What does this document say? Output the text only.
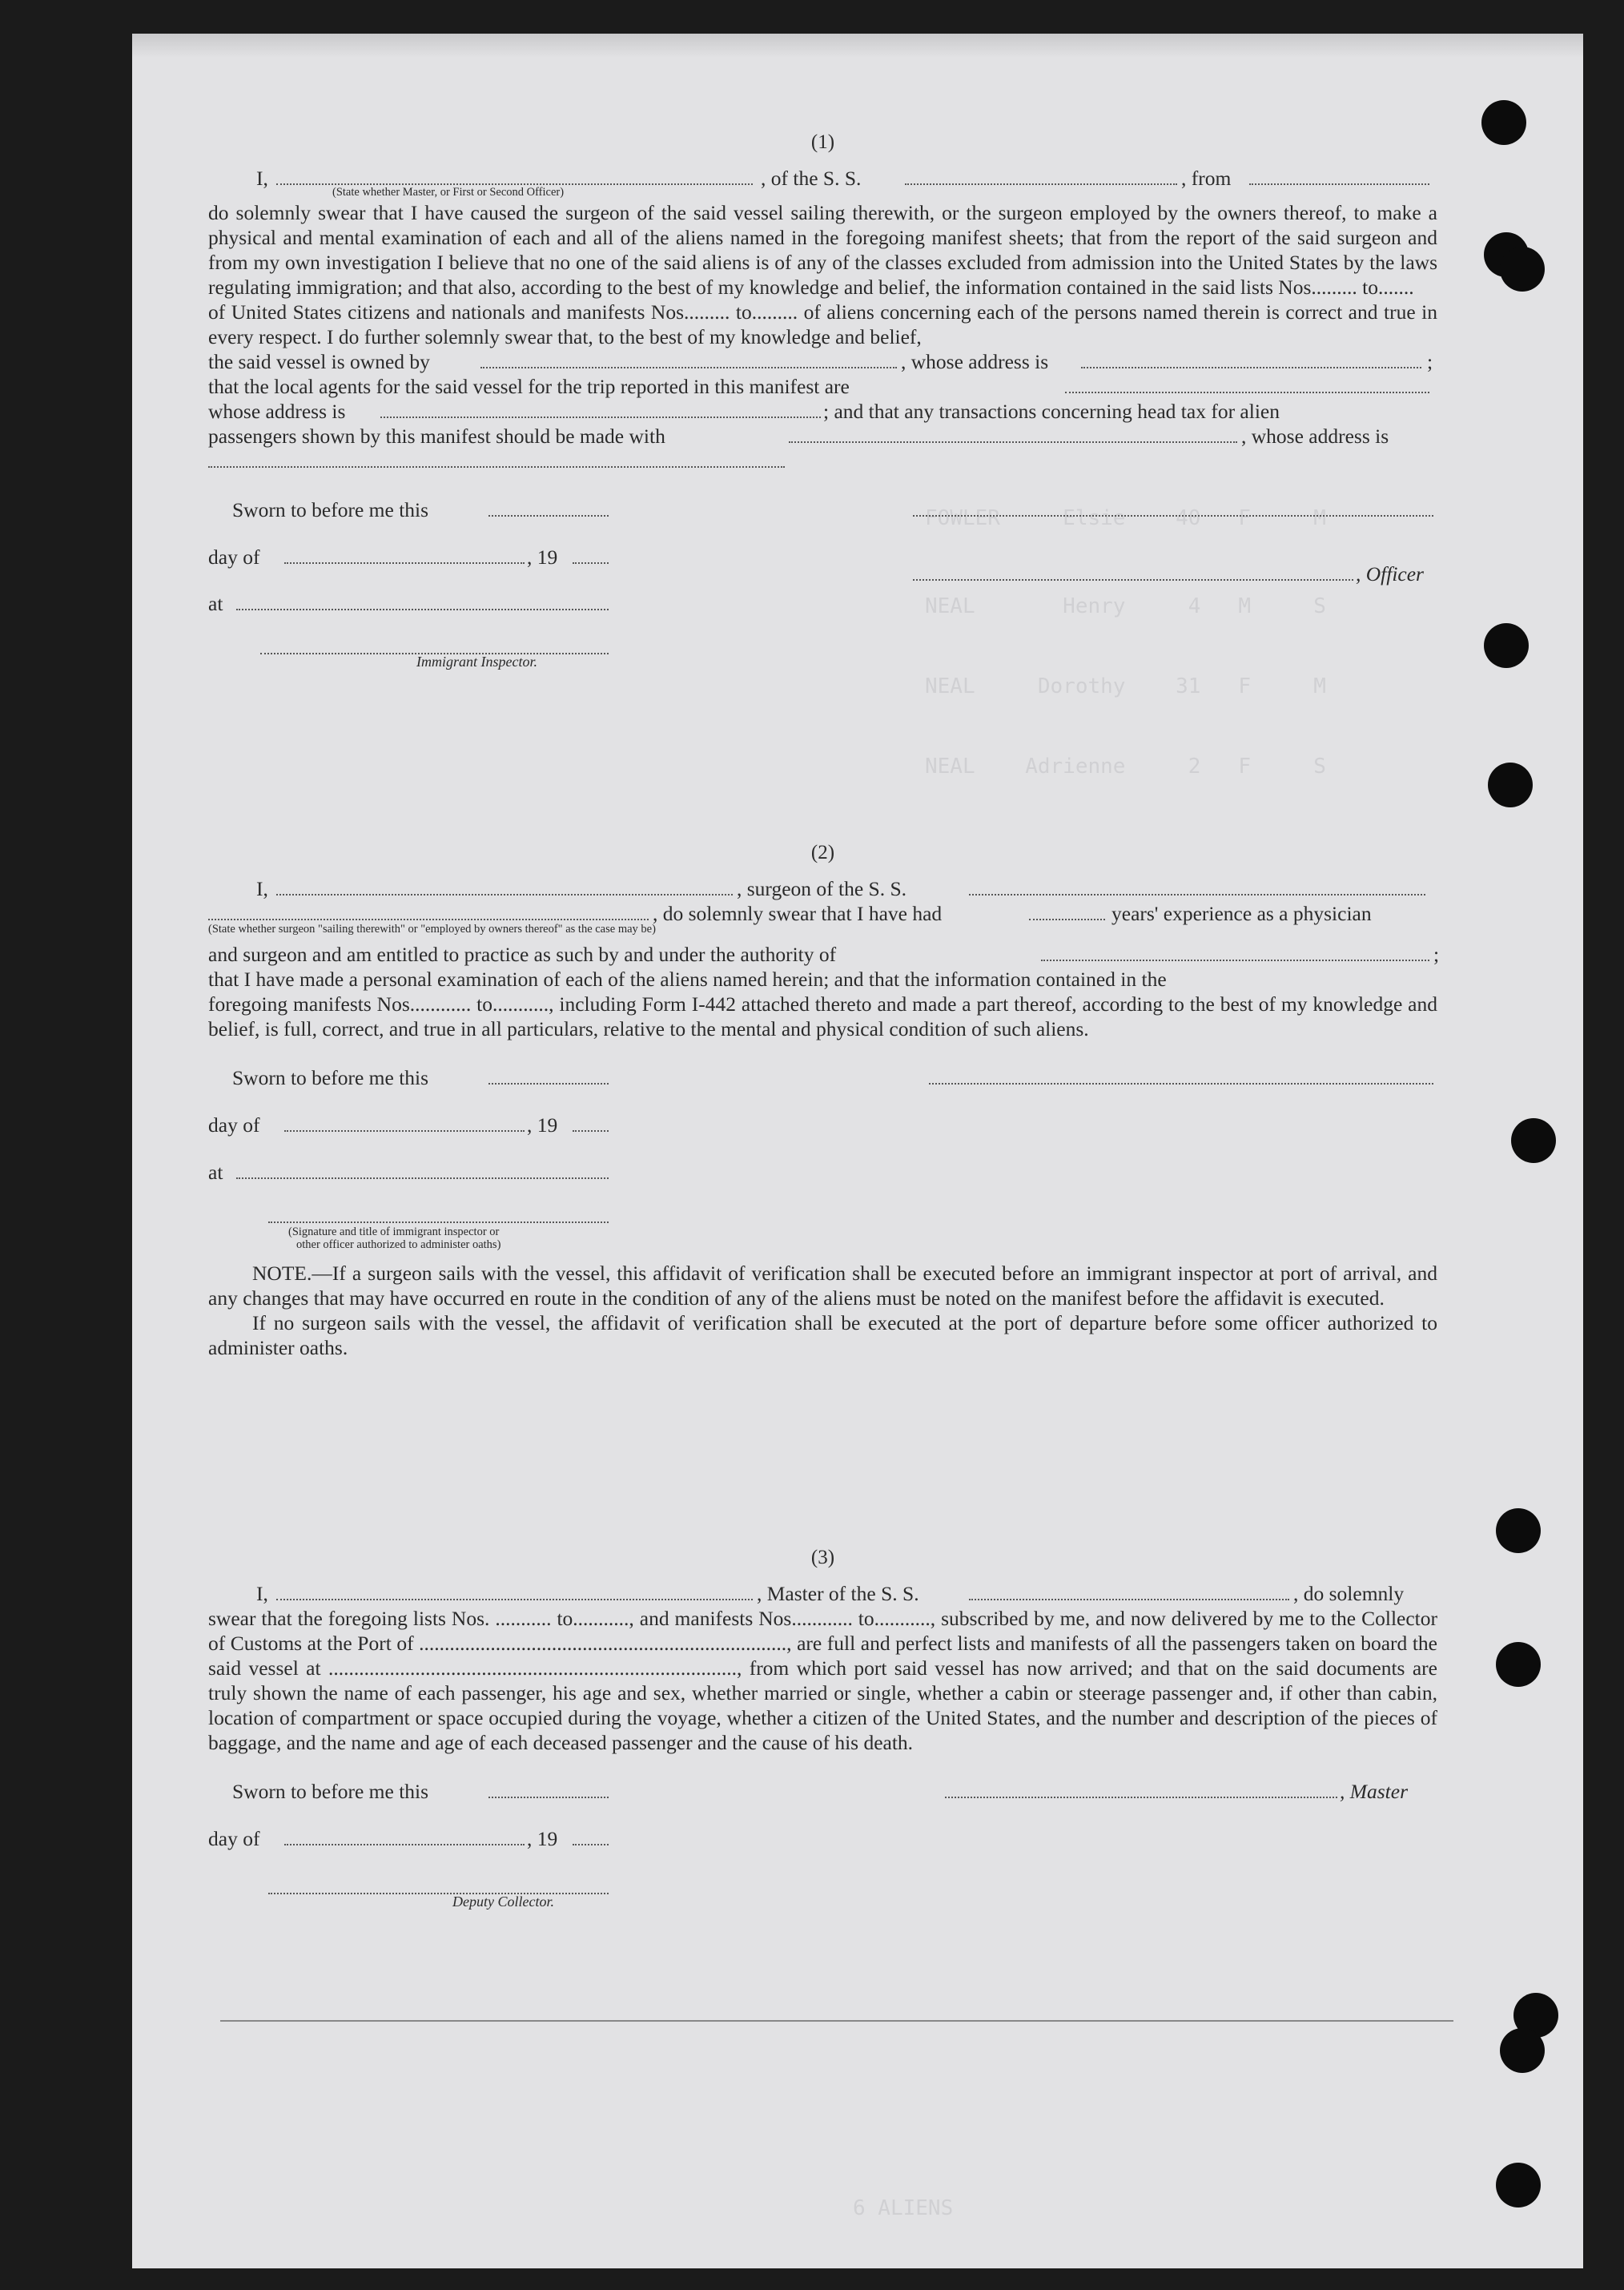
FOWLER     Elsie    40   F     M
NEAL       Henry     4   M     S
NEAL     Dorothy    31   F     M
NEAL    Adrienne     2   F     S
6 ALIENS
(1)
I,	, of the S. S.	, from
(State whether Master, or First or Second Officer)

do solemnly swear that I have caused the surgeon of the said vessel sailing therewith, or the surgeon employed by the owners thereof, to make a physical and mental examination of each and all of the aliens named in the foregoing manifest sheets; that from the report of the said surgeon and from my own investigation I believe that no one of the said aliens is of any of the classes excluded from admission into the United States by the laws regulating immigration; and that also, according to the best of my knowledge and belief, the information contained in the said lists Nos......... to.......

of United States citizens and nationals and manifests Nos......... to......... of aliens concerning each of the persons named therein is correct and true in every respect. I do further solemnly swear that, to the best of my knowledge and belief,

the said vessel is owned by	, whose address is	;
that the local agents for the said vessel for the trip reported in this manifest are
whose address is	; and that any transactions concerning head tax for alien
passengers shown by this manifest should be made with	, whose address is
Sworn to before me this
day of	, 19
, Officer
at
Immigrant Inspector.
(2)
I,	, surgeon of the S. S.
, do solemnly swear that I have had	years' experience as a physician
(State whether surgeon "sailing therewith" or "employed by owners thereof" as the case may be)
and surgeon and am entitled to practice as such by and under the authority of	;

that I have made a personal examination of each of the aliens named herein; and that the information contained in the

foregoing manifests Nos............ to..........., including Form I-442 attached thereto and made a part thereof, according to the best of my knowledge and belief, is full, correct, and true in all particulars, relative to the mental and physical condition of such aliens.

Sworn to before me this
day of	, 19
at
(Signature and title of immigrant inspector or
other officer authorized to administer oaths)

NOTE.—If a surgeon sails with the vessel, this affidavit of verification shall be executed before an immigrant inspector at port of arrival, and any changes that may have occurred en route in the condition of any of the aliens must be noted on the manifest before the affidavit is executed.

If no surgeon sails with the vessel, the affidavit of verification shall be executed at the port of departure before some officer authorized to administer oaths.

(3)
I,	, Master of the S. S.	, do solemnly

swear that the foregoing lists Nos. ........... to..........., and manifests Nos............ to..........., subscribed by me, and now delivered by me to the Collector of Customs at the Port of ........................................................................, are full and perfect lists and manifests of all the passengers taken on board the said vessel at ................................................................................, from which port said vessel has now arrived; and that on the said documents are truly shown the name of each passenger, his age and sex, whether married or single, whether a cabin or steerage passenger and, if other than cabin, location of compartment or space occupied during the voyage, whether a citizen of the United States, and the number and description of the pieces of baggage, and the name and age of each deceased passenger and the cause of his death.

Sworn to before me this	, Master
day of	, 19
Deputy Collector.
